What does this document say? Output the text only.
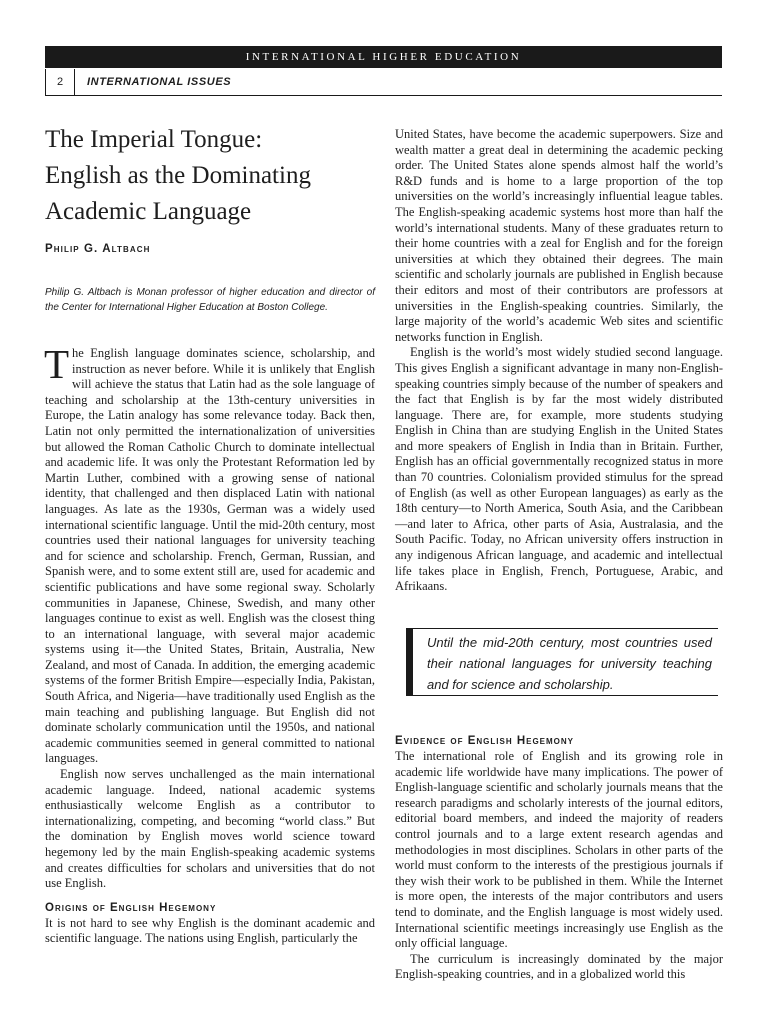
INTERNATIONAL HIGHER EDUCATION
2	INTERNATIONAL ISSUES
The Imperial Tongue:
English as the Dominating
Academic Language
Philip G. Altbach
Philip G. Altbach is Monan professor of higher education and director of the Center for International Higher Education at Boston College.

The English language dominates science, scholarship, and instruction as never before. While it is unlikely that English will achieve the status that Latin had as the sole language of teaching and scholarship at the 13th-century universities in Europe, the Latin analogy has some relevance today. Back then, Latin not only permitted the internationalization of universities but allowed the Roman Catholic Church to dominate intellectual and academic life. It was only the Protestant Reformation led by Martin Luther, combined with a growing sense of national identity, that challenged and then displaced Latin with national languages. As late as the 1930s, German was a widely used international scientific language. Until the mid-20th century, most countries used their national languages for university teaching and for science and scholarship. French, German, Russian, and Spanish were, and to some extent still are, used for academic and scientific publications and have some regional sway. Scholarly communities in Japanese, Chinese, Swedish, and many other languages continue to exist as well. English was the closest thing to an international language, with several major academic systems using it—the United States, Britain, Australia, New Zealand, and most of Canada. In addition, the emerging academic systems of the former British Empire—especially India, Pakistan, South Africa, and Nigeria—have traditionally used English as the main teaching and publishing language. But English did not dominate scholarly communication until the 1950s, and national academic communities seemed in general committed to national languages.

English now serves unchallenged as the main international academic language. Indeed, national academic systems enthusiastically welcome English as a contributor to internationalizing, competing, and becoming “world class.” But the domination by English moves world science toward hegemony led by the main English-speaking academic systems and creates difficulties for scholars and universities that do not use English.

Origins of English Hegemony

It is not hard to see why English is the dominant academic and scientific language. The nations using English, particularly the

United States, have become the academic superpowers. Size and wealth matter a great deal in determining the academic pecking order. The United States alone spends almost half the world’s R&D funds and is home to a large proportion of the top universities on the world’s increasingly influential league tables. The English-speaking academic systems host more than half the world’s international students. Many of these graduates return to their home countries with a zeal for English and for the foreign universities at which they obtained their degrees. The main scientific and scholarly journals are published in English because their editors and most of their contributors are professors at universities in the English-speaking countries. Similarly, the large majority of the world’s academic Web sites and scientific networks function in English.

English is the world’s most widely studied second language. This gives English a significant advantage in many non-English-speaking countries simply because of the number of speakers and the fact that English is by far the most widely distributed language. There are, for example, more students studying English in China than are studying English in the United States and more speakers of English in India than in Britain. Further, English has an official governmentally recognized status in more than 70 countries. Colonialism provided stimulus for the spread of English (as well as other European languages) as early as the 18th century—to North America, South Asia, and the Caribbean—and later to Africa, other parts of Asia, Australasia, and the South Pacific. Today, no African university offers instruction in any indigenous African language, and academic and intellectual life takes place in English, French, Portuguese, Arabic, and Afrikaans.

Until the mid-20th century, most countries used their national languages for university teaching and for science and scholarship.
Evidence of English Hegemony

The international role of English and its growing role in academic life worldwide have many implications. The power of English-language scientific and scholarly journals means that the research paradigms and scholarly interests of the journal editors, editorial board members, and indeed the majority of readers control journals and to a large extent research agendas and methodologies in most disciplines. Scholars in other parts of the world must conform to the interests of the prestigious journals if they wish their work to be published in them. While the Internet is more open, the interests of the major contributors and users tend to dominate, and the English language is most widely used. International scientific meetings increasingly use English as the only official language.

The curriculum is increasingly dominated by the major English-speaking countries, and in a globalized world this
